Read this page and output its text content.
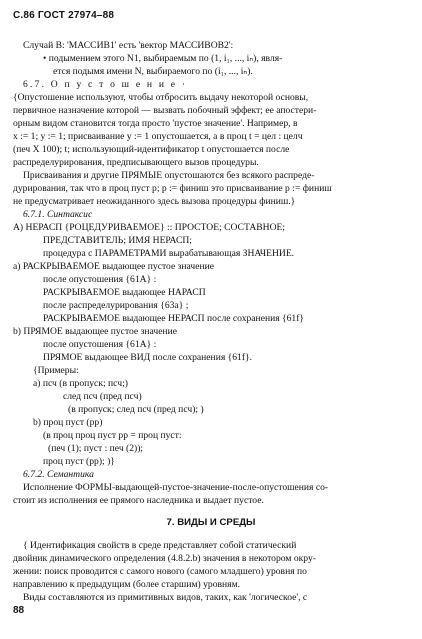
С.86 ГОСТ 27974–88
Случай В: 'МАССИВ1' есть 'вектор МАССИВОВ2':
• подымением этого N1, выбираемым по (1, i₁, ..., iₙ), явля-
ется подымя имени N, выбираемого по (i₁, ..., iₙ).
6.7. О п у с т о ш е н и е ·
{Опустошение используют, чтобы отбросить выдачу некоторой основы,
первичное назначение которой — вызвать побочный эффект; ее апостери-
орным видом становится тогда просто 'пустое значение'. Например, в
x := 1; y := 1; присваивание y := 1 опустошается, а в проц t = цел : целч
(печ X 100); t; использующий-идентификатор t опустошается после
распределурирования, предписывающего вызов процедуры.
Присваивания и другие ПРЯМЫЕ опустошаются без всякого распреде-
дурирования, так что в проц пуст p; p := финиш это присваивание p := финиш
не предусматривает неожиданного здесь вызова процедуры финиш.}
6.7.1. Синтаксис
A) НЕРАСП {РОЦЕДУРИВАЕМОЕ} :: ПРОСТОЕ; СОСТАВНОЕ;
ПРЕДСТАВИТЕЛЬ; ИМЯ НЕРАСП;
процедура с ПАРАМЕТРАМИ вырабатывающая ЗНАЧЕНИЕ.
a) РАСКРЫВАЕМОЕ выдающее пустое значение
после опустошения {61A} :
РАСКРЫВАЕМОЕ выдающее НАРАСП
после распределурирования {63a} ;
РАСКРЫВАЕМОЕ выдающее НЕРАСП после сохранения {61f}
b) ПРЯМОЕ выдающее пустое значение
после опустошения {61A} :
ПРЯМОЕ выдающее ВИД после сохранения {61f}.
{Примеры:
a) псч (в пропуск; псч;)
след псч (пред псч)
(в пропуск; след псч (пред псч); )
b) проц пуст (pp)
(в проц проц пуст pp = проц пуст:
(печ (1); пуст : печ (2));
проц пуст (pp); )}
6.7.2. Семантика
Исполнение ФОРМЫ-выдающей-пустое-значение-после-опустошения со-
стоит из исполнения ее прямого наследника и выдает пустое.
{ Идентификация свойств в среде представляет собой статический
двойник динамического определения (4.8.2.b) значения в некотором окру-
жении: поиск проводится с самого нового (самого младшего) уровня по
направлению к предыдущим (более старшим) уровням.
Виды составляются из примитивных видов, таких, как 'логическое', с
7. ВИДЫ И СРЕДЫ
88
